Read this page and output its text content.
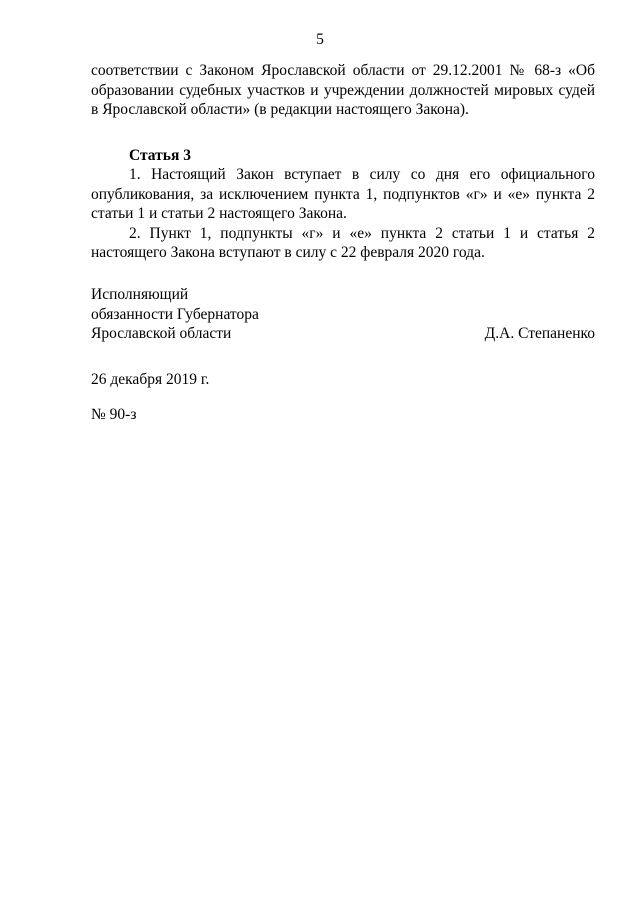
5

соответствии с Законом Ярославской области от 29.12.2001 № 68-з «Об образовании судебных участков и учреждении должностей мировых судей в Ярославской области» (в редакции настоящего Закона).

Статья 3

1. Настоящий Закон вступает в силу со дня его официального опубликования, за исключением пункта 1, подпунктов «г» и «е» пункта 2 статьи 1 и статьи 2 настоящего Закона.

2. Пункт 1, подпункты «г» и «е» пункта 2 статьи 1 и статья 2 настоящего Закона вступают в силу с 22 февраля 2020 года.

Исполняющий
обязанности Губернатора
Ярославской области	Д.А. Степаненко
26 декабря 2019 г.
№ 90-з
